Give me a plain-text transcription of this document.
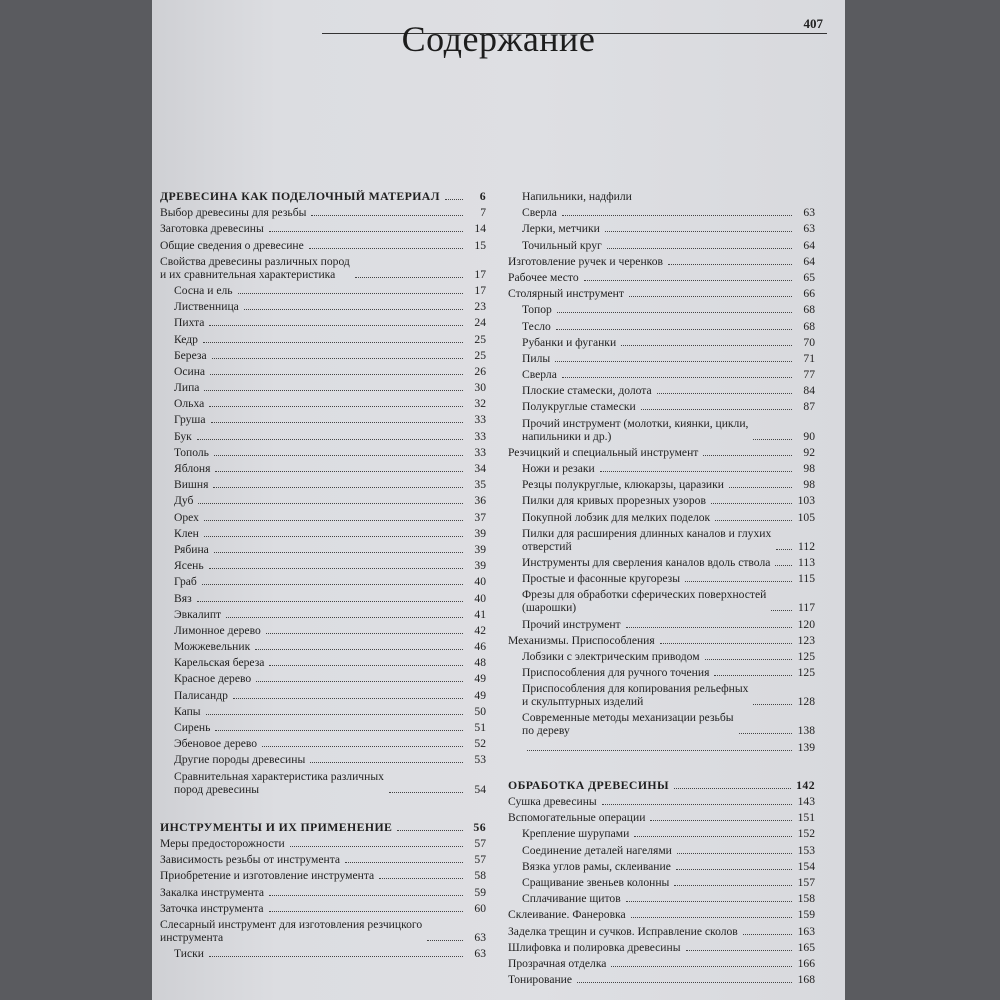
407
Содержание
ДРЕВЕСИНА КАК ПОДЕЛОЧНЫЙ МАТЕРИАЛ	6
Выбор древесины для резьбы	7
Заготовка древесины	14
Общие сведения о древесине	15
Свойства древесины различных пород
и их сравнительная характеристика	17
Сосна и ель	17
Лиственница	23
Пихта	24
Кедр	25
Береза	25
Осина	26
Липа	30
Ольха	32
Груша	33
Бук	33
Тополь	33
Яблоня	34
Вишня	35
Дуб	36
Орех	37
Клен	39
Рябина	39
Ясень	39
Граб	40
Вяз	40
Эвкалипт	41
Лимонное дерево	42
Можжевельник	46
Карельская береза	48
Красное дерево	49
Палисандр	49
Капы	50
Сирень	51
Эбеновое дерево	52
Другие породы древесины	53
Сравнительная характеристика различных
пород древесины	54
ИНСТРУМЕНТЫ И ИХ ПРИМЕНЕНИЕ	56
Меры предосторожности	57
Зависимость резьбы от инструмента	57
Приобретение и изготовление инструмента	58
Закалка инструмента	59
Заточка инструмента	60
Слесарный инструмент для изготовления резчицкого
инструмента	63
Тиски	63
Напильники, надфили
Сверла	63
Лерки, метчики	63
Точильный круг	64
Изготовление ручек и черенков	64
Рабочее место	65
Столярный инструмент	66
Топор	68
Тесло	68
Рубанки и фуганки	70
Пилы	71
Сверла	77
Плоские стамески, долота	84
Полукруглые стамески	87
Прочий инструмент (молотки, киянки, цикли,
напильники и др.)	90
Резчицкий и специальный инструмент	92
Ножи и резаки	98
Резцы полукруглые, клюкарзы, царазики	98
Пилки для кривых прорезных узоров	103
Покупной лобзик для мелких поделок	105
Пилки для расширения длинных каналов и глухих
отверстий	112
Инструменты для сверления каналов вдоль ствола 113
Простые и фасонные кругорезы	115
Фрезы для обработки сферических поверхностей
(шарошки)	117
Прочий инструмент	120
Механизмы. Приспособления	123
Лобзики с электрическим приводом	125
Приспособления для ручного точения	125
Приспособления для копирования рельефных
и скульптурных изделий	128
Современные методы механизации резьбы
по дереву	138
139
ОБРАБОТКА ДРЕВЕСИНЫ	142
Сушка древесины	143
Вспомогательные операции	151
Крепление шурупами	152
Соединение деталей нагелями	153
Вязка углов рамы, склеивание	154
Сращивание звеньев колонны	157
Сплачивание щитов	158
Склеивание. Фанеровка	159
Заделка трещин и сучков. Исправление сколов	163
Шлифовка и полировка древесины	165
Прозрачная отделка	166
Тонирование	168
